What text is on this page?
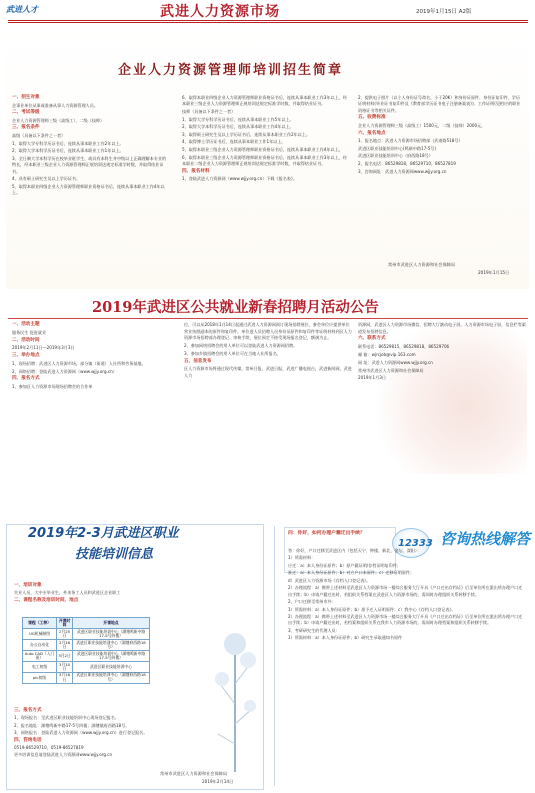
武进人才	武进人力资源市场	2019年1月15日 A2版
企业人力资源管理师培训招生简章
一、招生对象
企事业单位从事或准备从事人力资源管理人员。
二、考试等级
企业人力资源管理师三级（高级工）、二级（技师）
三、报名条件
高级（具备以下条件之一者）
1、取得大学专科学历证书后，连续从事本职业工作2年以上。
2、取得大学本科学历证书后，连续从事本职业工作1年以上。
3、全日制大学本科学历在校毕业班学生，或具有本科生并中级以上正确理解本专业的特长，经本职业三级企业人力资源管理师正规培训达规定标准学时数，并取得结业证书。
4、具有硕士研究生及以上学历证书。
5、取得本职业四级企业人力资源管理师职业资格证书后，连续从事本职业工作4年以上。
6、取得本职业四级企业人力资源管理师职业资格证书后，连续从事本职业工作3年以上，经本职业三级企业人力资源管理师正规培训达规定标准学时数，并取得结业证书。
技师（具备以下条件之一者）
1、取得大学专科学历证书后，连续从事本职业工作5年以上。
2、取得大学本科学历证书后，连续从事本职业工作4年以上。
3、取得硕士研究生及以上学历证书后，连续从事本职业工作2年以上。
4、取得博士学历证书后，连续从事本职业工作1年以上。
5、取得本职业三级企业人力资源管理师职业资格证书后，连续从事本职业工作4年以上。
6、取得本职业三级企业人力资源管理师职业资格证书后，连续从事本职业工作3年以上，经本职业二级企业人力资源管理师正规培训达规定标准学时数，并取得结业证书。
四、报名材料
1、登陆武进人力资源网（www.wjjy.org.cn）下载《报名表》。
2、提供电子照片（以个人身份证号命名，小于20K）和身份证原件、身份证复印件、学历证明材料(毕业证书复印件及《教育部学历证书电子注册备案表》)、工作证明(见相应的职业资格证书等相关证件。
五、收费标准
企业人力资源管理师三级（高级工）1500元，二级（技师）2000元。
六、报名地点
1、报名地点：武进人力资源市场招聘部（武南路518号）
武进区职业技能培训中心(鸣新中路17-5号)
武进区职业技能培训中心（府西路18号）
2、报名电话：86529818，86529710，86527819
3、咨询网址：武进人力资源网www.wjjy.org.cn
常州市武进区人力资源和社会保障局
2019年1月15日
2019年武进区公共就业新春招聘月活动公告
一、活动主题
服务民生 促进就业
二、活动时间
2019年2月11日—2019年3月3日
三、举办地点
1、现场招聘：武进区人力资源市场，部分镇（街道）人社所和劳务基地。
2、网络招聘：登陆武进人力资源网（www.wjjy.org.cn）
四、报名方式
1、参加区人力资源市场现场招聘会的合作单
位，可以从2018年1月14日起通过武进人力资源网预订现场招聘展位，参会单位应提供单位营业执照副本的原件和复印件，单位进人员招聘人员身份证原件和复印件等证明材料到区人力资源市场招聘部办理登记、审核手续，展位预定不接受现场报名登记，额满为止。
2、参加网络招聘会的用人单位可以登陆武进人力资源网招聘。
3、参加乡镇招聘会的用人单位可在当地人社所报名。
五、信息发布
区人力资源市场将通过现代传媒，常州日报，武进日报，武进广播电视台，武进新闻网，武进人力
资源网，武进区人力资源市场微信，招聘大厅滚动电子屏，人力资源市场电子屏，信息栏等渠道发布招聘信息。
六、联系方式
联系电话：86529815，86529818，86529706
邮 箱：wjrcjob@vip.163.com
网 址：武进人力资源网www.wjjy.org.cn
常州市武进区人力资源和社会保障局
2019年1月3日
2019年2-3月武进区职业
技能培训信息
一、培训对象
失业人员，大中专毕业生，外来务工人员和武进区企业职工
二、课程名称及培训时间，地点
课程（工种）	开课时间	开课地点
UG机械制图	2月25日	武进区职业技能培训中心（湖塘鸣新中路17-5号四楼）
办公自动化	2月16日	武进区职业技能培训中心（湖塘府西路18号）
Auto CAD（入门班）	3月2日	武进区职业技能培训中心（湖塘鸣新中路17-5号四楼）
电工初级	3月10日	武进区职业技能培训中心
plc初级	3月16日	武进区职业技能培训中心（湖塘府西路18号）
三、报名方式
1、现场报名：至武进区职业技能培训中心现场登记报名。
2、报名地址：湖塘鸣新中路17-5号四楼；湖塘镇府西路18号。
3、网络报名：登陆武进人力资源网（www.wjjy.org.cn）进行登记报名。
四、咨询电话
0519-86529710，0519-86527819
更多培训信息请登陆武进人力资源网www.wjjy.org.cn
常州市武进区人力资源和社会保障局
2019年2月14日
问：你好，如何办理户籍迁出手续？
12333 咨询热线解答
答：你好，户口迁移至武进区内（包括天宁、钟楼、新北、金坛、溧阳）：
1）所需材料：
应迁：a）本人身份证原件；b）原户籍证明/存档证明复印件；
准迁：a）本人身份证原件；b）对方户口本原件；c）迁移证明原件；
d）武进区人力资源市场《存档人口登记表》。
2）办理流程：a）携带上述材料至武进区人力资源市场一楼综合服务大厅开具《户口迁出存档证》后至单位所在派出所办理户口迁出手续；b）申请户籍迁出时，若组织关系档案在武进区人力资源市场的，需同时办理组织关系转移手续。
2、户口迁移至常州市外：
1）所需材料：a）本人身份证原件；b）准予迁入证明原件；c）我中心《存档人口登记表》。
2）办理流程：a）携带上述材料至武进区人力资源市场一楼综合服务大厅开具《户口迁出存档证》后至单位所在派出所办理户口迁出手续；b）申请户籍迁出时，若档案和组织关系在我市人力资源市场的，需同时办理档案和组织关系转移手续。
3、考研研究生的代理人员：
1）所需材料：a）本人身份证原件；b）研究生录取通知书原件
